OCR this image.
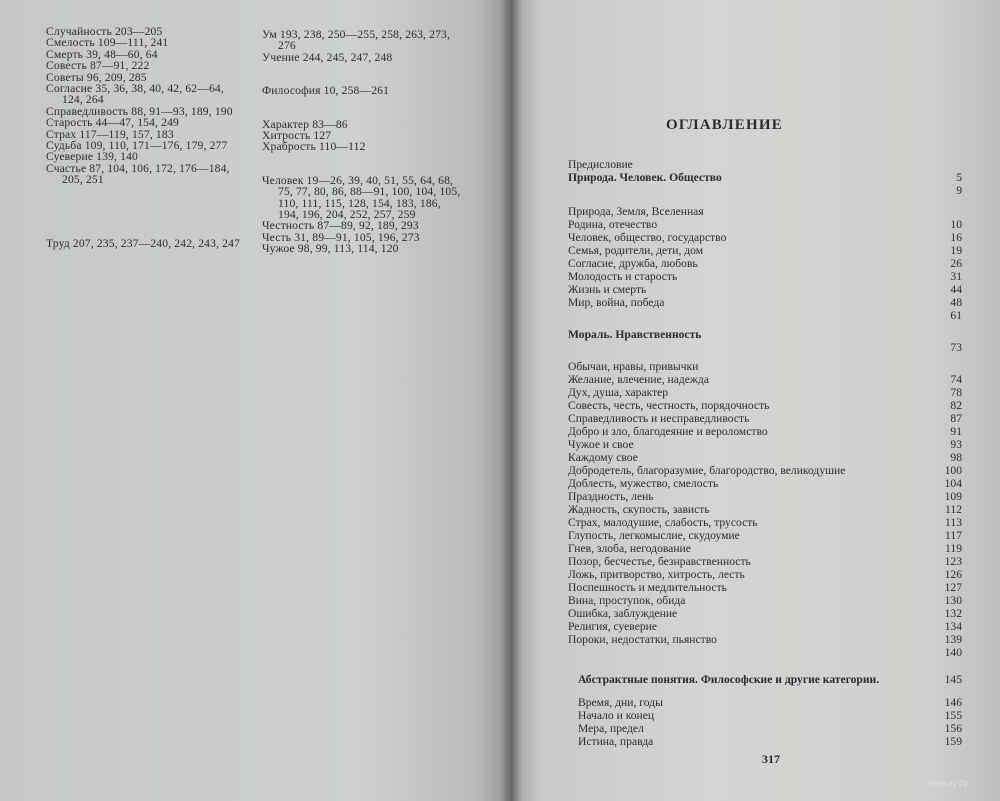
Случайность 203—205

Смелость 109—111, 241

Смерть 39, 48—60, 64

Совесть 87—91, 222

Советы 96, 209, 285

Согласие 35, 36, 38, 40, 42, 62—64, 124, 264

Справедливость 88, 91—93, 189, 190

Старость 44—47, 154, 249

Страх 117—119, 157, 183

Судьба 109, 110, 171—176, 179, 277

Суеверие 139, 140

Счастье 87, 104, 106, 172, 176—184, 205, 251

Труд 207, 235, 237—240, 242, 243, 247

Ум 193, 238, 250—255, 258, 263, 273, 276

Учение 244, 245, 247, 248

Философия 10, 258—261

Характер 83—86

Хитрость 127

Храбрость 110—112

Человек 19—26, 39, 40, 51, 55, 64, 68, 75, 77, 80, 86, 88—91, 100, 104, 105, 110, 111, 115, 128, 154, 183, 186, 194, 196, 204, 252, 257, 259

Честность 87—89, 92, 189, 293

Честь 31, 89—91, 105, 196, 273

Чужое 98, 99, 113, 114, 120

ОГЛАВЛЕНИЕ
Предисловие
Природа. Человек. Общество	5
9
Природа, Земля, Вселенная
Родина, отечество	10
Человек, общество, государство	16
Семья, родители, дети, дом	19
Согласие, дружба, любовь	26
Молодость и старость	31
Жизнь и смерть	44
Мир, война, победа	48
61
Мораль. Нравственность
73
Обычаи, нравы, привычки
Желание, влечение, надежда	74
Дух, душа, характер	78
Совесть, честь, честность, порядочность	82
Справедливость и несправедливость	87
Добро и зло, благодеяние и вероломство	91
Чужое и свое	93
Каждому свое	98
Добродетель, благоразумие, благородство, великодушие	100
Доблесть, мужество, смелость	104
Праздность, лень	109
Жадность, скупость, зависть	112
Страх, малодушие, слабость, трусость	113
Глупость, легкомыслие, скудоумие	117
Гнев, злоба, негодование	119
Позор, бесчестье, безнравственность	123
Ложь, притворство, хитрость, лесть	126
Поспешность и медлительность	127
Вина, проступок, обида	130
Ошибка, заблуждение	132
Религия, суеверие	134
Пороки, недостатки, пьянство	139
140
Абстрактные понятия. Философские и другие категории.	145
Время, дни, годы	146
Начало и конец	155
Мера, предел	156
Истина, правда	159
317
www.ay.by
